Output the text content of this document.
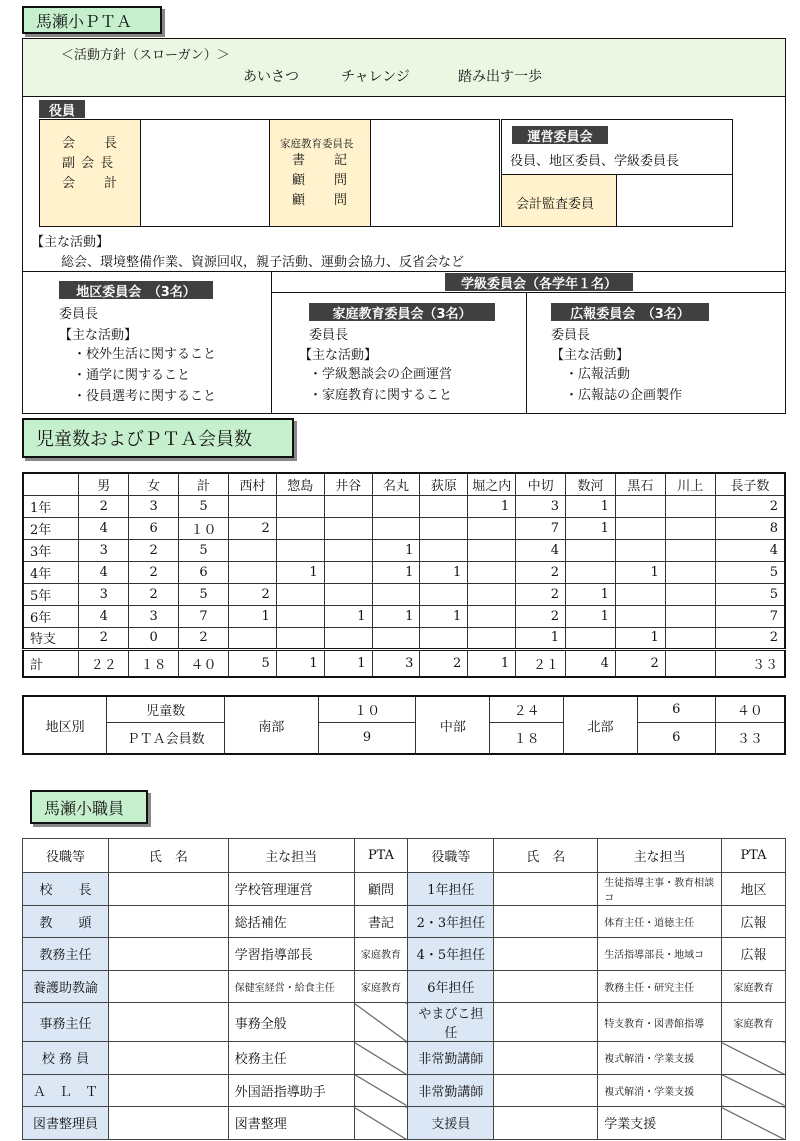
馬瀬小ＰＴＡ
＜活動方針（スローガン）＞
あいさつ	チャレンジ	踏み出す一歩
役員
会　　長
副 会 長
会　　計
家庭教育委員長
書　　記
顧　　問
顧　　問
運営委員会
役員、地区委員、学級委員長
会計監査委員
【主な活動】
総会、環境整備作業、資源回収，親子活動、運動会協力、反省会など
地区委員会　（3名）
委員長
【主な活動】
・校外生活に関すること
・通学に関すること
・役員選考に関すること
学級委員会（各学年１名）
家庭教育委員会（3名）
委員長
【主な活動】
・学級懇談会の企画運営
・家庭教育に関すること
広報委員会　（3名）
委員長
【主な活動】
・広報活動
・広報誌の企画製作
児童数およびＰＴＡ会員数
	男	女	計	西村	惣島	井谷	名丸	荻原	堀之内	中切	数河	黒石	川上	長子数
1年	2	3	5						1	3	1			2
2年	4	6	１０	2						7	1			8
3年	3	2	5				1			4				4
4年	4	2	6		1		1	1		2		1		5
5年	3	2	5	2						2	1			5
6年	4	3	7	1		1	1	1		2	1			7
特支	2	0	2							1		1		2
計	２２	１８	４０	5	1	1	3	2	1	２１	4	2		３３
地区別	児童数	南部	１０	中部	２４	北部	6	４０
	ＰＴＡ会員数		9		１８		6	３３
馬瀬小職員
役職等	氏　名	主な担当	PTA	役職等	氏　名	主な担当	PTA
校　　長		学校管理運営	顧問	1年担任		生徒指導主事・教育相談コ	地区
教　　頭		総括補佐	書記	2・3年担任		体育主任・道徳主任	広報
教務主任		学習指導部長	家庭教育	4・5年担任		生活指導部長・地域コ	広報
養護助教諭		保健室経営・給食主任	家庭教育	6年担任		教務主任・研究主任	家庭教育
事務主任		事務全般		やまびこ担任		特支教育・図書館指導	家庭教育
校 務 員		校務主任		非常勤講師		複式解消・学業支援	
Ａ　Ｌ　Ｔ		外国語指導助手		非常勤講師		複式解消・学業支援	
図書整理員		図書整理		支援員		学業支援	
